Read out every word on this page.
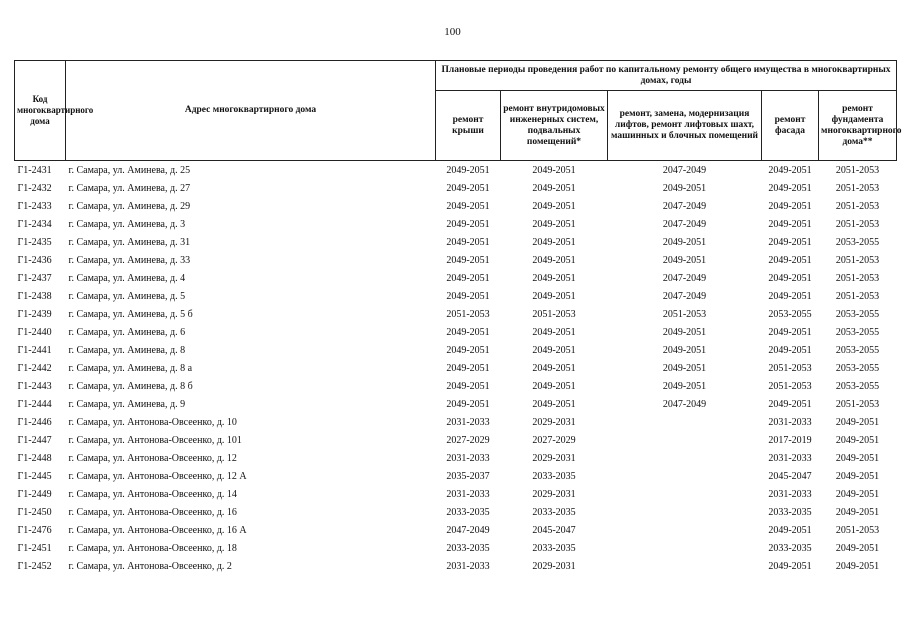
100
Код многоквартирного дома	Адрес многоквартирного дома	Плановые периоды проведения работ по капитальному ремонту общего имущества в многоквартирных домах, годы				
		ремонт крыши	ремонт внутридомовых инженерных систем, подвальных помещений*	ремонт, замена, модернизация лифтов, ремонт лифтовых шахт, машинных и блочных помещений	ремонт фасада	ремонт фундамента многоквартирного дома**
Г1-2431	г. Самара, ул. Аминева, д. 25	2049-2051	2049-2051	2047-2049	2049-2051	2051-2053
Г1-2432	г. Самара, ул. Аминева, д. 27	2049-2051	2049-2051	2049-2051	2049-2051	2051-2053
Г1-2433	г. Самара, ул. Аминева, д. 29	2049-2051	2049-2051	2047-2049	2049-2051	2051-2053
Г1-2434	г. Самара, ул. Аминева, д. 3	2049-2051	2049-2051	2047-2049	2049-2051	2051-2053
Г1-2435	г. Самара, ул. Аминева, д. 31	2049-2051	2049-2051	2049-2051	2049-2051	2053-2055
Г1-2436	г. Самара, ул. Аминева, д. 33	2049-2051	2049-2051	2049-2051	2049-2051	2051-2053
Г1-2437	г. Самара, ул. Аминева, д. 4	2049-2051	2049-2051	2047-2049	2049-2051	2051-2053
Г1-2438	г. Самара, ул. Аминева, д. 5	2049-2051	2049-2051	2047-2049	2049-2051	2051-2053
Г1-2439	г. Самара, ул. Аминева, д. 5 б	2051-2053	2051-2053	2051-2053	2053-2055	2053-2055
Г1-2440	г. Самара, ул. Аминева, д. 6	2049-2051	2049-2051	2049-2051	2049-2051	2053-2055
Г1-2441	г. Самара, ул. Аминева, д. 8	2049-2051	2049-2051	2049-2051	2049-2051	2053-2055
Г1-2442	г. Самара, ул. Аминева, д. 8 а	2049-2051	2049-2051	2049-2051	2051-2053	2053-2055
Г1-2443	г. Самара, ул. Аминева, д. 8 б	2049-2051	2049-2051	2049-2051	2051-2053	2053-2055
Г1-2444	г. Самара, ул. Аминева, д. 9	2049-2051	2049-2051	2047-2049	2049-2051	2051-2053
Г1-2446	г. Самара, ул. Антонова-Овсеенко, д. 10	2031-2033	2029-2031		2031-2033	2049-2051
Г1-2447	г. Самара, ул. Антонова-Овсеенко, д. 101	2027-2029	2027-2029		2017-2019	2049-2051
Г1-2448	г. Самара, ул. Антонова-Овсеенко, д. 12	2031-2033	2029-2031		2031-2033	2049-2051
Г1-2445	г. Самара, ул. Антонова-Овсеенко, д. 12 А	2035-2037	2033-2035		2045-2047	2049-2051
Г1-2449	г. Самара, ул. Антонова-Овсеенко, д. 14	2031-2033	2029-2031		2031-2033	2049-2051
Г1-2450	г. Самара, ул. Антонова-Овсеенко, д. 16	2033-2035	2033-2035		2033-2035	2049-2051
Г1-2476	г. Самара, ул. Антонова-Овсеенко, д. 16 А	2047-2049	2045-2047		2049-2051	2051-2053
Г1-2451	г. Самара, ул. Антонова-Овсеенко, д. 18	2033-2035	2033-2035		2033-2035	2049-2051
Г1-2452	г. Самара, ул. Антонова-Овсеенко, д. 2	2031-2033	2029-2031		2049-2051	2049-2051
